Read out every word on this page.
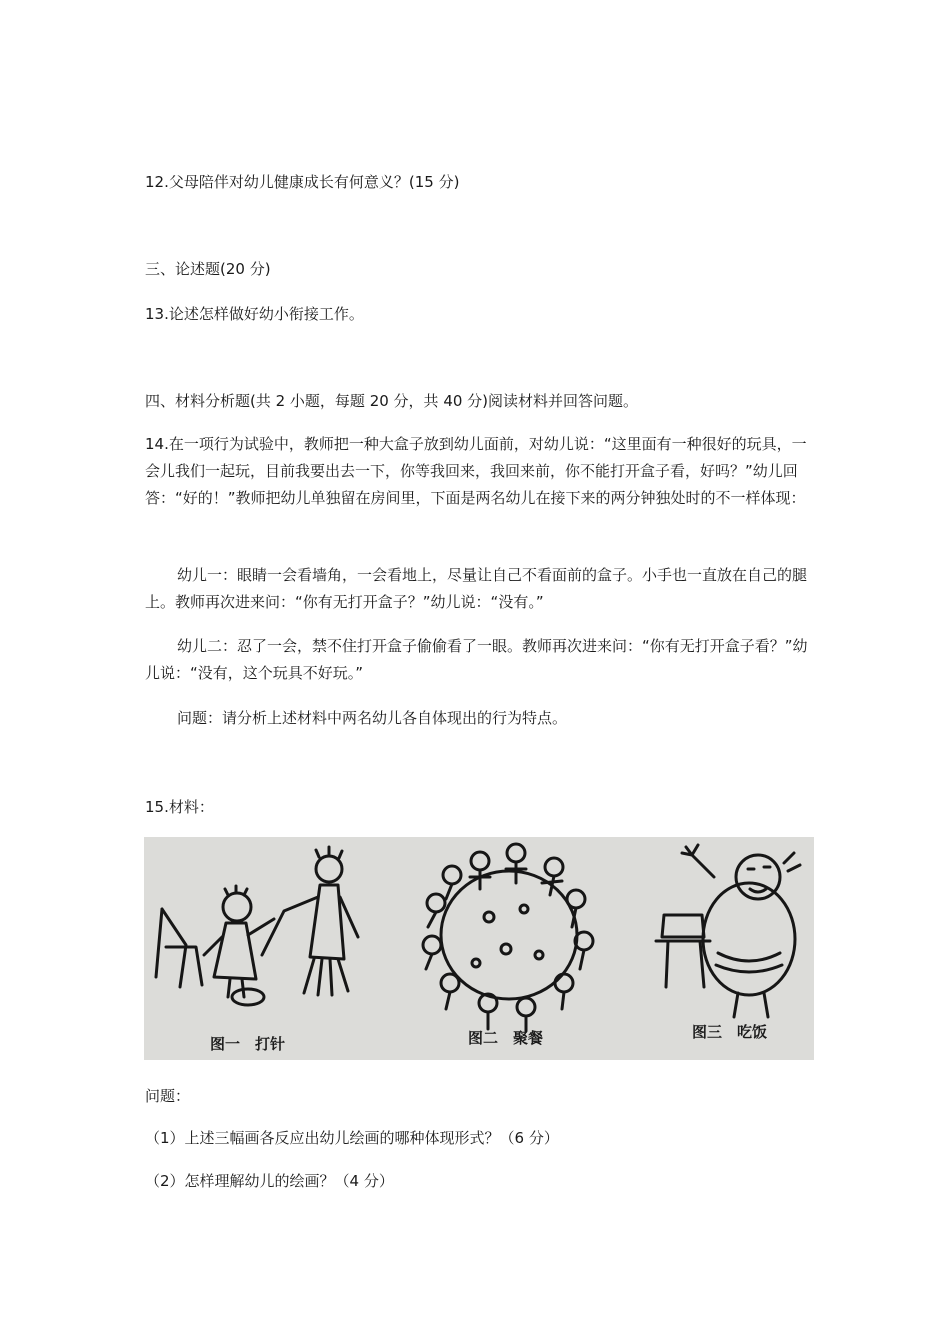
12.父母陪伴对幼儿健康成长有何意义？(15 分)
三、论述题(20 分)
13.论述怎样做好幼小衔接工作。
四、材料分析题(共 2 小题，每题 20 分，共 40 分)阅读材料并回答问题。
14.在一项行为试验中，教师把一种大盒子放到幼儿面前，对幼儿说：“这里面有一种很好的玩具，一会儿我们一起玩，目前我要出去一下，你等我回来，我回来前，你不能打开盒子看，好吗？”幼儿回答：“好的！”教师把幼儿单独留在房间里，下面是两名幼儿在接下来的两分钟独处时的不一样体现：
幼儿一：眼睛一会看墙角，一会看地上，尽量让自己不看面前的盒子。小手也一直放在自己的腿上。教师再次进来问：“你有无打开盒子？”幼儿说：“没有。”
幼儿二：忍了一会，禁不住打开盒子偷偷看了一眼。教师再次进来问：“你有无打开盒子看？”幼儿说：“没有，这个玩具不好玩。”
问题：请分析上述材料中两名幼儿各自体现出的行为特点。
15.材料：
图一　打针	图二　聚餐	图三　吃饭
问题：
（1）上述三幅画各反应出幼儿绘画的哪种体现形式？（6 分）
（2）怎样理解幼儿的绘画？（4 分）
